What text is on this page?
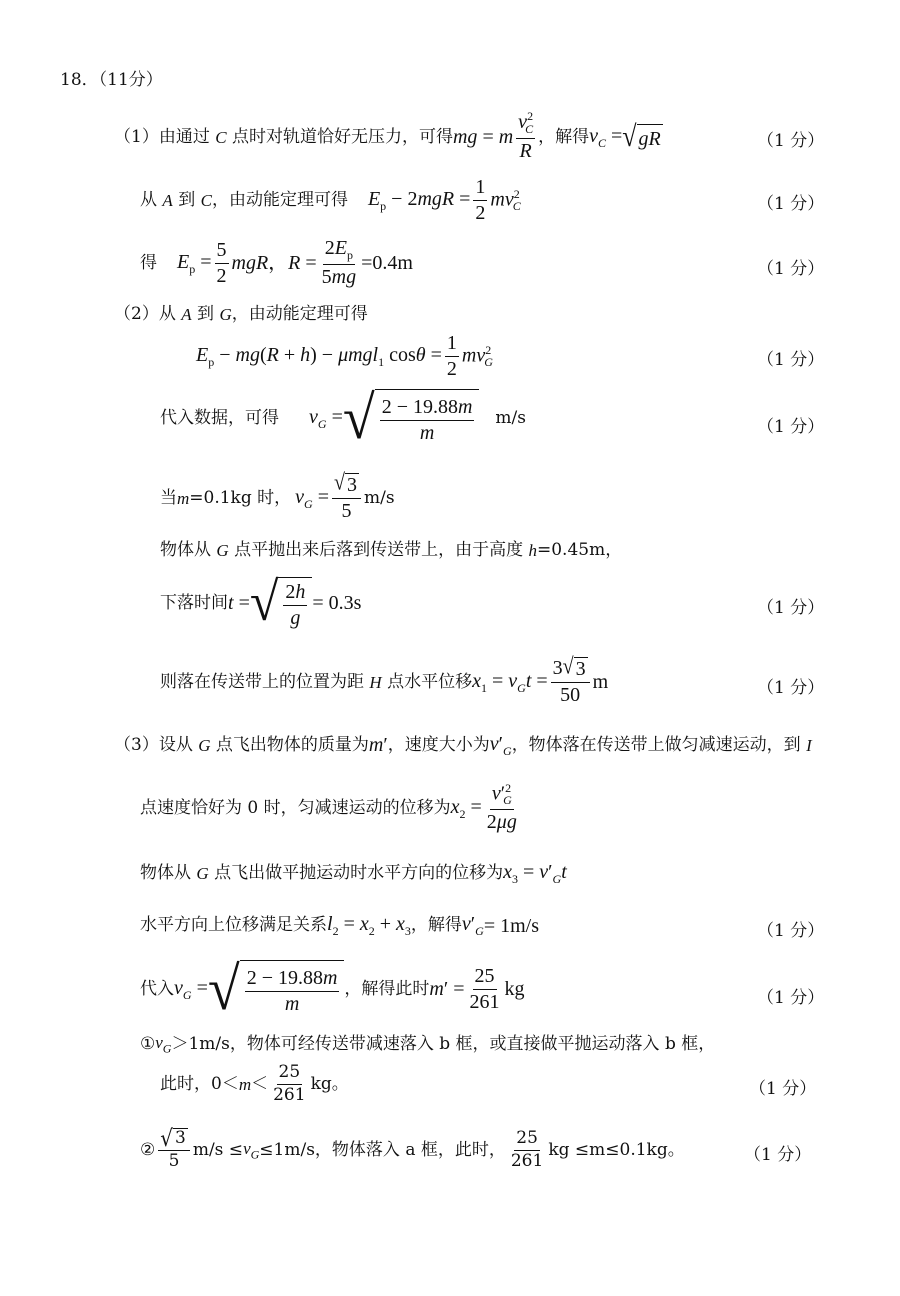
18．（11分）
（1）由通过
C
点时对轨道恰好无压力，可得 mg = m $\frac{v^2_C}{R}$ ，解得 $v_C$ = √ gR	（1 分）
从
A
到
C ，由动能定理可得 $E_p - 2mgR = \frac{1}{2} mv^2_C$	（1 分）
得 $E_p = \frac{5}{2}$ mgR，$R = \frac{2E_p}{5mg} = 0.4m$	（1 分）
（2）从
A
到
G ，由动能定理可得
$E_p - mg(R + h) - \mu mgl_1$ $\cos\theta = \frac{1}{2} mv^2_G$	（1 分）
代入数据，可得 $v_G$ = √ $\frac{2 - 19.88m}{m} m/s$	（1 分）
当 m =0.1kg 时， $v_G = \frac{√ 3}{5} m/s$
物体从
G
点平抛出来后落到传送带上，由于高度
h =0.45m，
下落时间 t = √ $\frac{2h}{g} = 0.3s$	（1 分）
则落在传送带上的位置为距
H
点水平位移 $x_1 = v_Gt = \frac{3 √ 3}{50}$ m	（1 分）
（3）设从
G
点飞出物体的质量为 m′ ，速度大小为 $v'_G$ ，物体落在传送带上做匀减速运动，到
I
点速度恰好为 0 时，匀减速运动的位移为 $x_2 = \frac{v'^2_G}{2\mu g}$
物体从
G
点飞出做平抛运动时水平方向的位移为 $x_3 = v'_Gt$
水平方向上位移满足关系 $l_2 = x_2 + x_3$ ，解得 $v'_G = 1m/s$	（1 分）
代入 $v_G$ = √ $\frac{2 - 19.88m}{m}$ ，解得此时 $m' = \frac{25}{261}$ kg	（1 分）
① $v_G >1m/s$，物体可经传送带减速落入 b 框，或直接做平抛运动落入 b 框，
此时，$0< m < \frac{25}{261}$ kg 。	（1 分）
② $\frac{√ 3}{5} m/s \le v_G \le 1m/s$，物体落入 a 框，此时， $\frac{25}{261}$ kg ≤m≤0.1kg。	（1 分）
